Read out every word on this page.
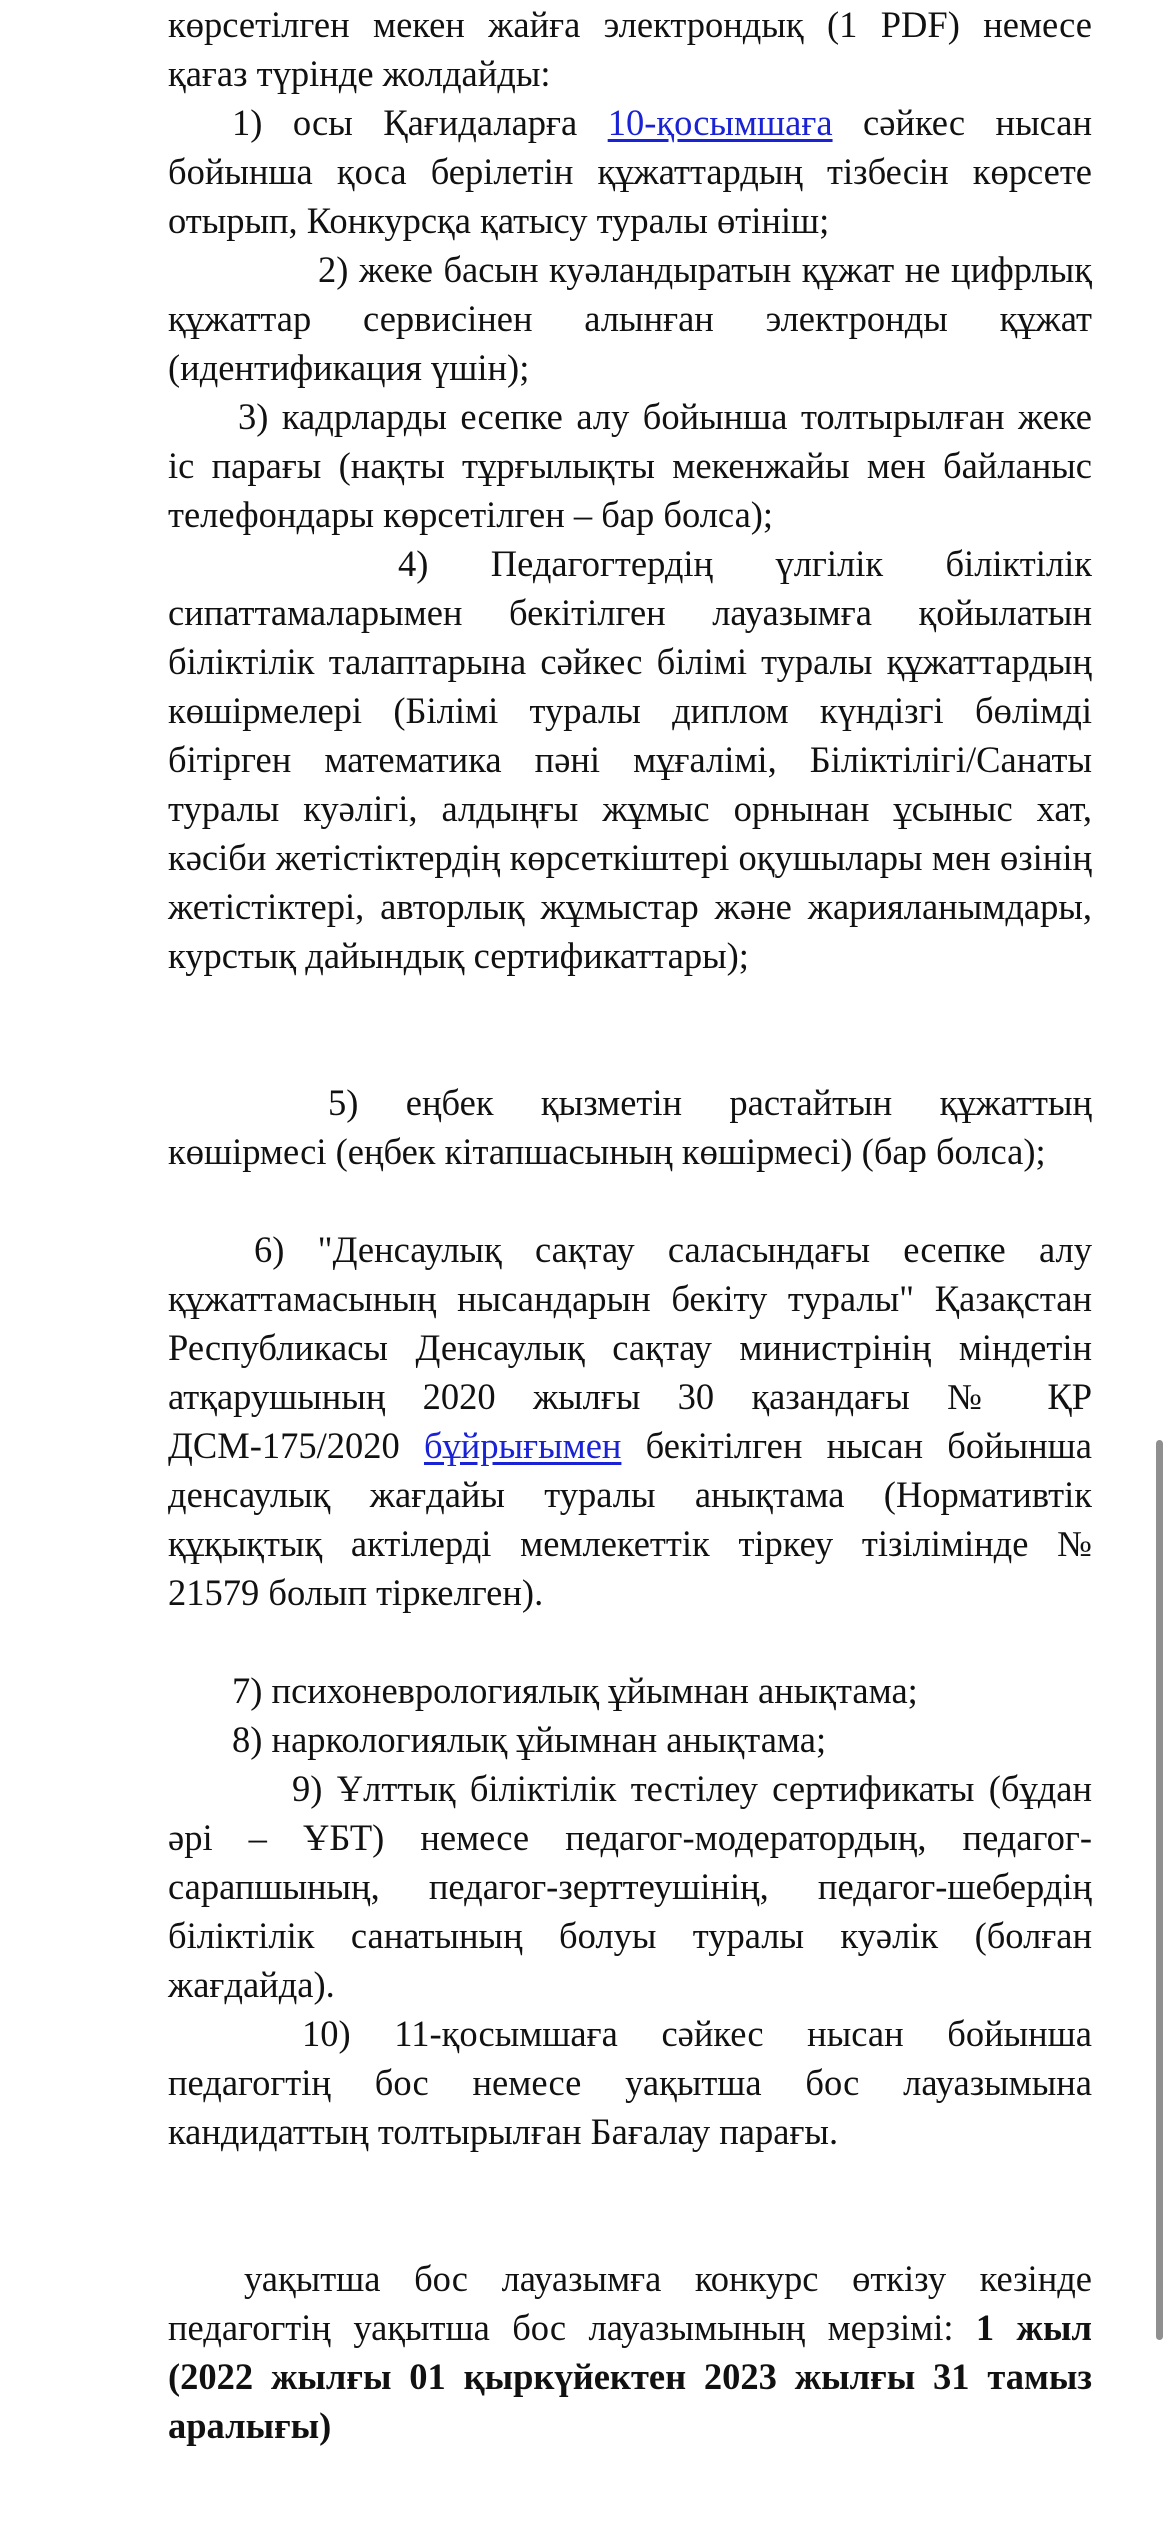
көрсетілген мекен жайға электрондық (1 PDF) немесе қағаз түрінде жолдайды:

1) осы Қағидаларға 10-қосымшаға сәйкес нысан бойынша қоса берілетін құжаттардың тізбесін көрсете отырып, Конкурсқа қатысу туралы өтініш;

2) жеке басын куәландыратын құжат не цифрлық құжаттар сервисінен алынған электронды құжат (идентификация үшін);

3) кадрларды есепке алу бойынша толтырылған жеке іс парағы (нақты тұрғылықты мекенжайы мен байланыс телефондары көрсетілген – бар болса);

4) Педагогтердің үлгілік біліктілік сипаттамаларымен бекітілген лауазымға қойылатын біліктілік талаптарына сәйкес білімі туралы құжаттардың көшірмелері (Білімі туралы диплом күндізгі бөлімді бітірген математика пәні мұғалімі, Біліктілігі/Санаты туралы куәлігі, алдыңғы жұмыс орнынан ұсыныс хат, кәсіби жетістіктердің көрсеткіштері оқушылары мен өзінің жетістіктері, авторлық жұмыстар және жарияланымдары, курстық дайындық сертификаттары);

5) еңбек қызметін растайтын құжаттың көшірмесі (еңбек кітапшасының көшірмесі) (бар болса);

6) "Денсаулық сақтау саласындағы есепке алу құжаттамасының нысандарын бекіту туралы" Қазақстан Республикасы Денсаулық сақтау министрінің міндетін атқарушының 2020 жылғы 30 қазандағы № ҚР ДСМ-175/2020 бұйрығымен бекітілген нысан бойынша денсаулық жағдайы туралы анықтама (Нормативтік құқықтық актілерді мемлекеттік тіркеу тізілімінде № 21579 болып тіркелген).

7) психоневрологиялық ұйымнан анықтама;

8) наркологиялық ұйымнан анықтама;

9) Ұлттық біліктілік тестілеу сертификаты (бұдан әрі – ҰБТ) немесе педагог-модератордың, педагог-сарапшының, педагог-зерттеушінің, педагог-шебердің біліктілік санатының болуы туралы куәлік (болған жағдайда).

10) 11-қосымшаға сәйкес нысан бойынша педагогтің бос немесе уақытша бос лауазымына кандидаттың толтырылған Бағалау парағы.

уақытша бос лауазымға конкурс өткізу кезінде педагогтің уақытша бос лауазымының мерзімі: 1 жыл (2022 жылғы 01 қыркүйектен 2023 жылғы 31 тамыз аралығы)
